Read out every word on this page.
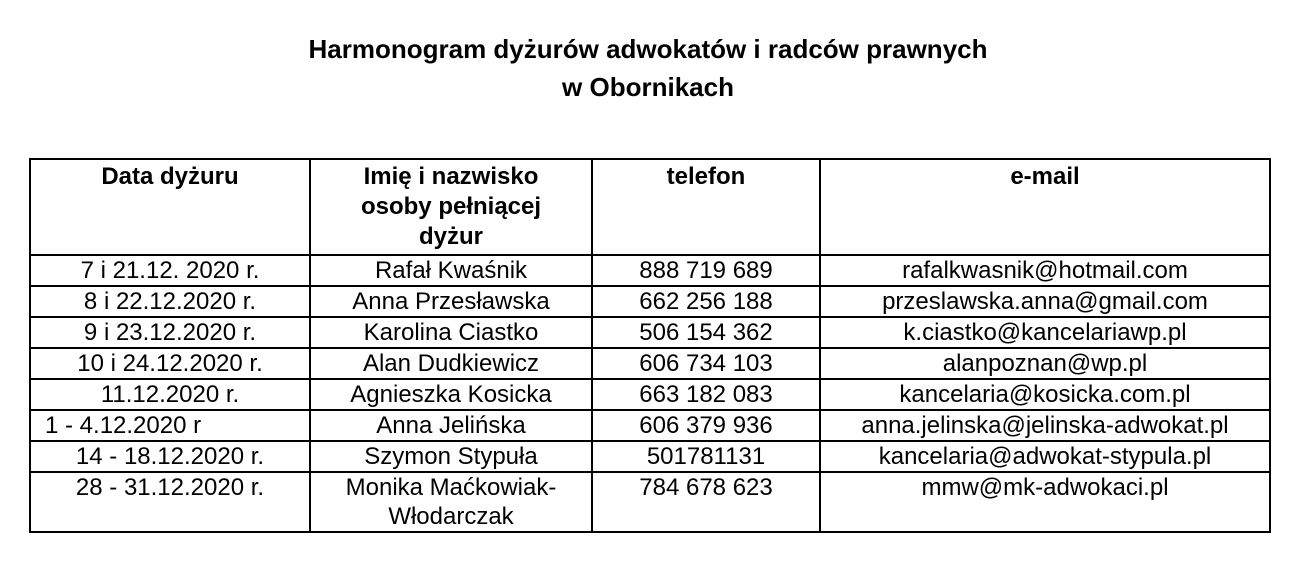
Harmonogram dyżurów adwokatów i radców prawnych
w Obornikach
Data dyżuru	Imię i nazwisko osoby pełniącej dyżur	telefon	e-mail
7 i 21.12. 2020 r.	Rafał Kwaśnik	888 719 689	rafalkwasnik@hotmail.com
8 i 22.12.2020 r.	Anna Przesławska	662 256 188	przeslawska.anna@gmail.com
9 i 23.12.2020 r.	Karolina Ciastko	506 154 362	k.ciastko@kancelariawp.pl
10 i 24.12.2020 r.	Alan Dudkiewicz	606 734 103	alanpoznan@wp.pl
11.12.2020 r.	Agnieszka Kosicka	663 182 083	kancelaria@kosicka.com.pl
1 - 4.12.2020 r	Anna Jelińska	606 379 936	anna.jelinska@jelinska-adwokat.pl
14 - 18.12.2020 r.	Szymon Stypuła	501781131	kancelaria@adwokat-stypula.pl
28 - 31.12.2020 r.	Monika Maćkowiak-Włodarczak	784 678 623	mmw@mk-adwokaci.pl
